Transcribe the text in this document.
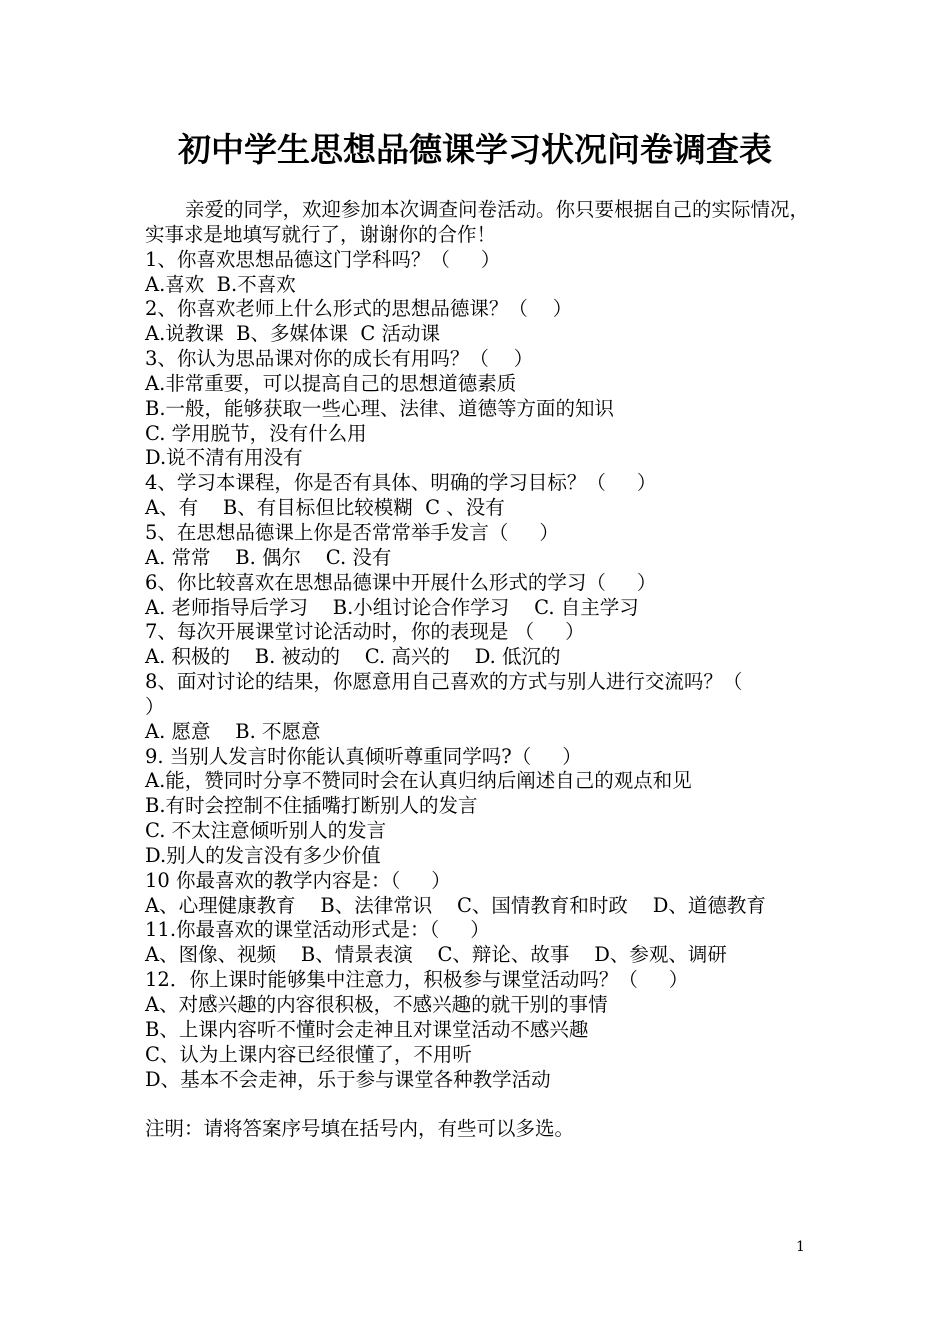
初中学生思想品德课学习状况问卷调查表
亲爱的同学，欢迎参加本次调查问卷活动。你只要根据自己的实际情况，实事求是地填写就行了，谢谢你的合作！
1、你喜欢思想品德这门学科吗？（     ）
A.喜欢  B.不喜欢
2、你喜欢老师上什么形式的思想品德课？（    ）
A.说教课  B、多媒体课  C 活动课
3、你认为思品课对你的成长有用吗？（    ）
A.非常重要，可以提高自己的思想道德素质
B.一般，能够获取一些心理、法律、道德等方面的知识
C. 学用脱节，没有什么用
D.说不清有用没有
4、学习本课程，你是否有具体、明确的学习目标？（     ）
A、有    B、有目标但比较模糊  C 、没有
5、在思想品德课上你是否常常举手发言（     ）
A. 常常    B. 偶尔    C. 没有
6、你比较喜欢在思想品德课中开展什么形式的学习（     ）
A. 老师指导后学习    B.小组讨论合作学习    C. 自主学习
7、每次开展课堂讨论活动时，你的表现是 （     ）
A. 积极的    B. 被动的    C. 高兴的    D. 低沉的
8、面对讨论的结果，你愿意用自己喜欢的方式与别人进行交流吗？（
）
A. 愿意    B. 不愿意
9. 当别人发言时你能认真倾听尊重同学吗?（     ）
A.能，赞同时分享不赞同时会在认真归纳后阐述自己的观点和见
B.有时会控制不住插嘴打断别人的发言
C. 不太注意倾听别人的发言
D.别人的发言没有多少价值
10 你最喜欢的教学内容是：（     ）
A、心理健康教育    B、法律常识    C、国情教育和时政    D、道德教育
11.你最喜欢的课堂活动形式是：（     ）
A、图像、视频    B、情景表演    C、辩论、故事    D、参观、调研
12．你上课时能够集中注意力，积极参与课堂活动吗？（     ）
A、对感兴趣的内容很积极，不感兴趣的就干别的事情
B、上课内容听不懂时会走神且对课堂活动不感兴趣
C、认为上课内容已经很懂了，不用听
D、基本不会走神，乐于参与课堂各种教学活动
注明：请将答案序号填在括号内，有些可以多选。
1
